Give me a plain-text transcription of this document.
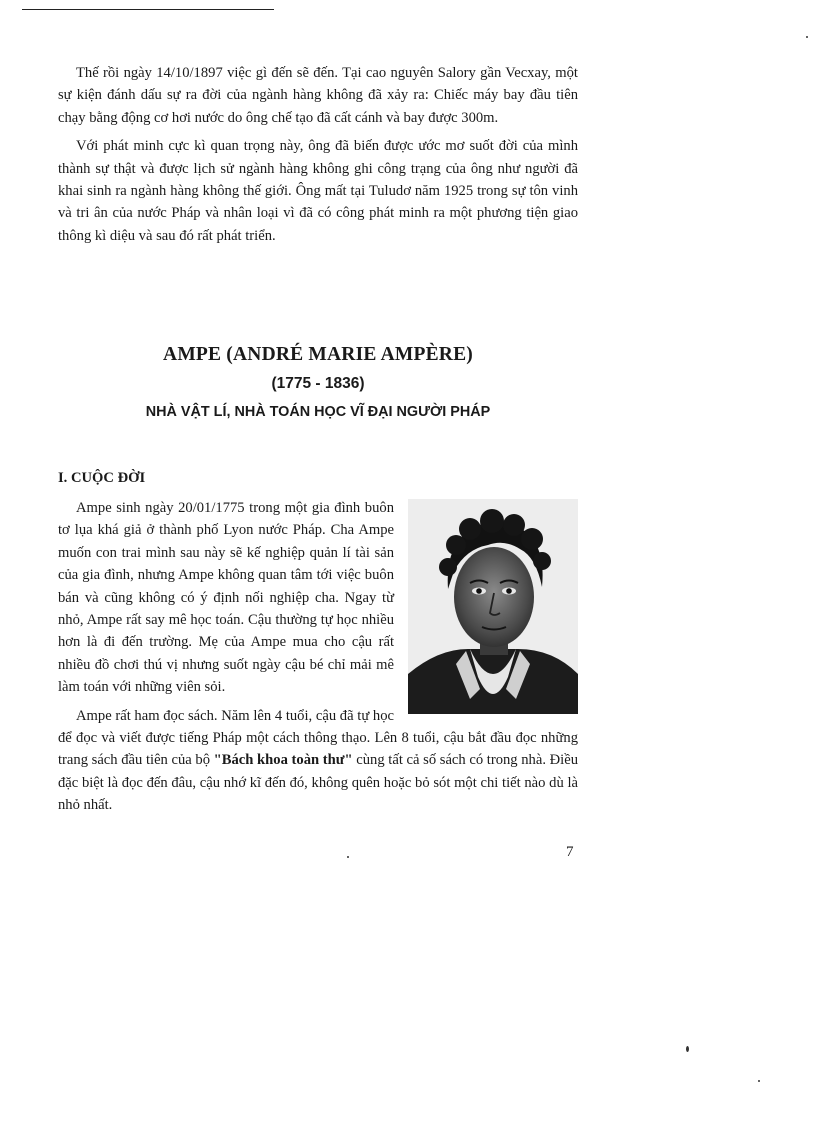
Thế rồi ngày 14/10/1897 việc gì đến sẽ đến. Tại cao nguyên Salory gần Vecxay, một sự kiện đánh dấu sự ra đời của ngành hàng không đã xảy ra: Chiếc máy bay đầu tiên chạy bằng động cơ hơi nước do ông chế tạo đã cất cánh và bay được 300m.

Với phát minh cực kì quan trọng này, ông đã biến được ước mơ suốt đời của mình thành sự thật và được lịch sử ngành hàng không ghi công trạng của ông như người đã khai sinh ra ngành hàng không thế giới. Ông mất tại Tuludơ năm 1925 trong sự tôn vinh và tri ân của nước Pháp và nhân loại vì đã có công phát minh ra một phương tiện giao thông kì diệu và sau đó rất phát triển.

AMPE (ANDRÉ MARIE AMPÈRE)
(1775 - 1836)
NHÀ VẬT LÍ, NHÀ TOÁN HỌC VĨ ĐẠI NGƯỜI PHÁP
I. CUỘC ĐỜI

Ampe sinh ngày 20/01/1775 trong một gia đình buôn tơ lụa khá giả ở thành phố Lyon nước Pháp. Cha Ampe muốn con trai mình sau này sẽ kế nghiệp quản lí tài sản của gia đình, nhưng Ampe không quan tâm tới việc buôn bán và cũng không có ý định nối nghiệp cha. Ngay từ nhỏ, Ampe rất say mê học toán. Cậu thường tự học nhiều hơn là đi đến trường. Mẹ của Ampe mua cho cậu rất nhiều đồ chơi thú vị nhưng suốt ngày cậu bé chỉ mải mê làm toán với những viên sỏi.

Ampe rất ham đọc sách. Năm lên 4 tuổi, cậu đã tự học để đọc và viết được tiếng Pháp một cách thông thạo. Lên 8 tuổi, cậu bắt đầu đọc những trang sách đầu tiên của bộ "Bách khoa toàn thư" cùng tất cả số sách có trong nhà. Điều đặc biệt là đọc đến đâu, cậu nhớ kĩ đến đó, không quên hoặc bỏ sót một chi tiết nào dù là nhỏ nhất.

7
